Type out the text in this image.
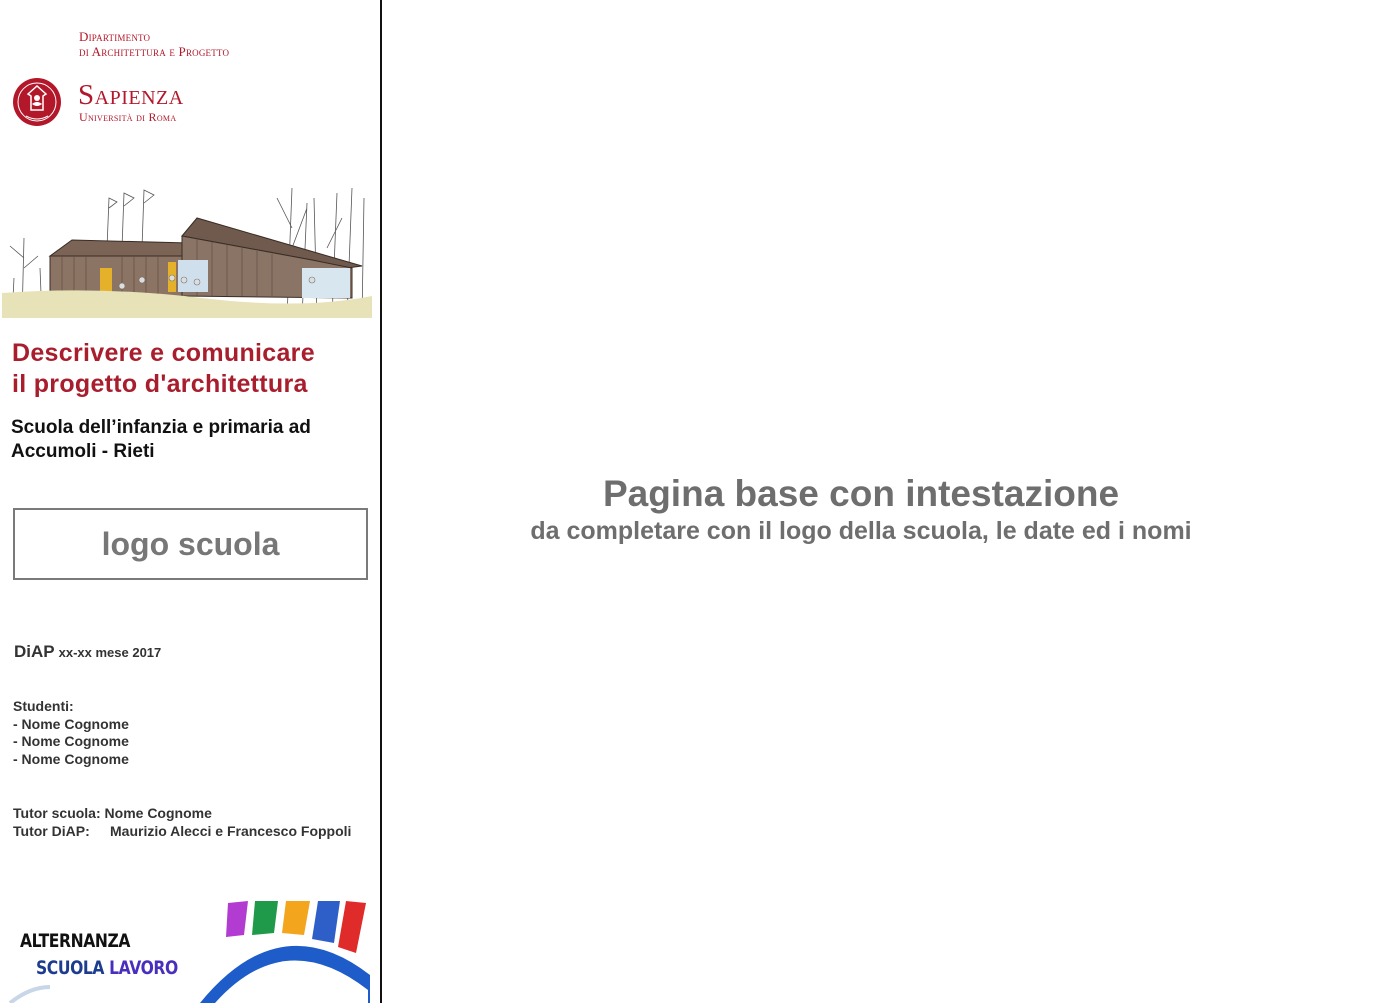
Dipartimento
di Architettura e Progetto
Sapienza
Università di Roma
Descrivere e comunicare
il progetto d'architettura
Scuola dell’infanzia e primaria ad
Accumoli - Rieti
logo scuola
DiAP xx-xx mese 2017
Studenti:
- Nome Cognome
- Nome Cognome
- Nome Cognome
Tutor scuola: Nome Cognome
Tutor DiAP: Maurizio Alecci e Francesco Foppoli
ALTERNANZA
SCUOLA LAVORO
Pagina base con intestazione
da completare con il logo della scuola, le date ed i nomi
